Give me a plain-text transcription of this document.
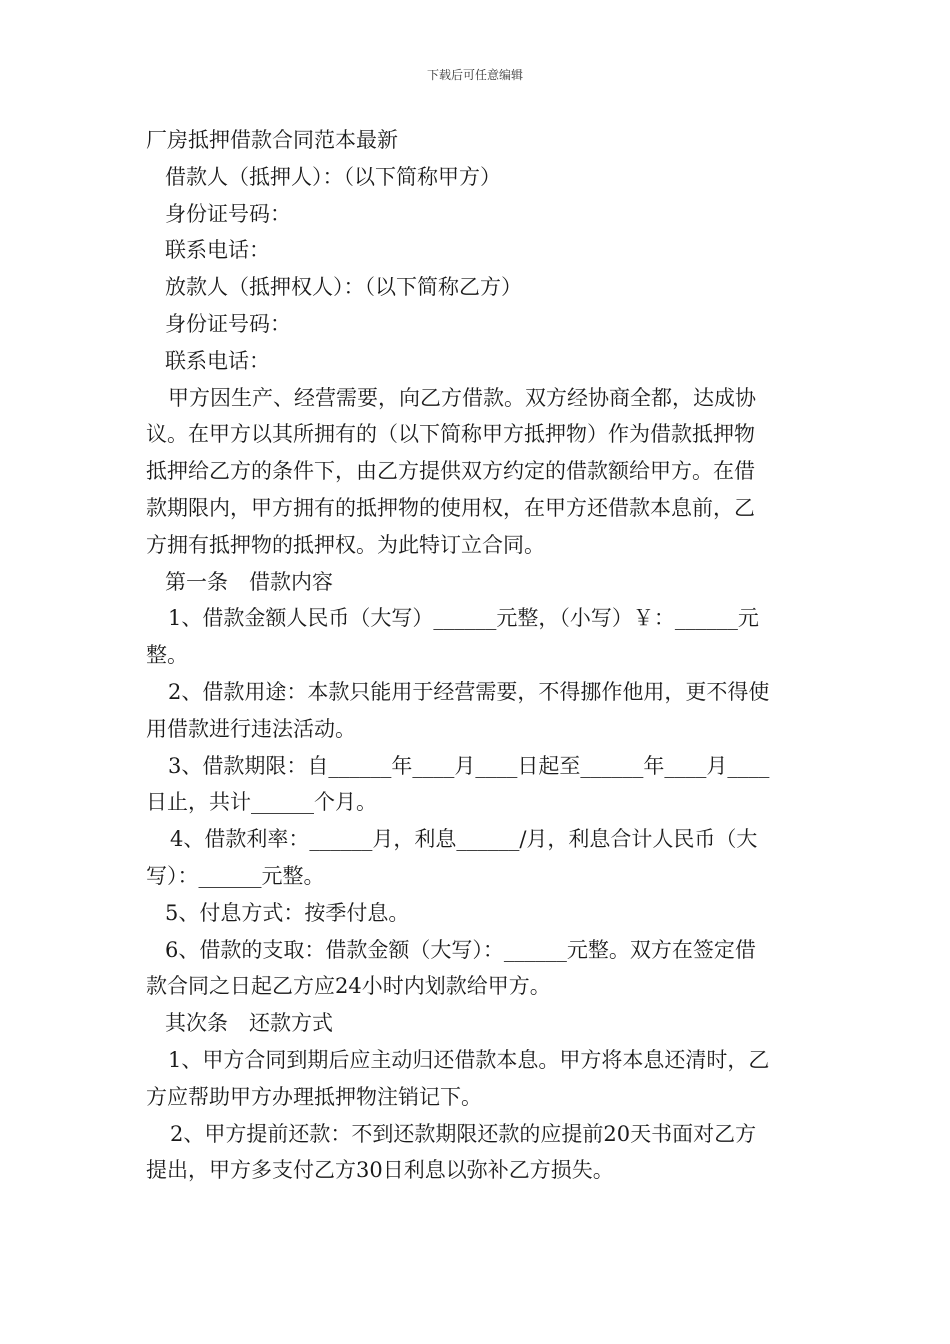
下载后可任意编辑

厂房抵押借款合同范本最新

借款人（抵押人）：（以下简称甲方）

身份证号码：

联系电话：

放款人（抵押权人）：（以下简称乙方）

身份证号码：

联系电话：

甲方因生产、经营需要，向乙方借款。双方经协商全都，达成协

议。在甲方以其所拥有的（以下简称甲方抵押物）作为借款抵押物

抵押给乙方的条件下，由乙方提供双方约定的借款额给甲方。在借

款期限内，甲方拥有的抵押物的使用权，在甲方还借款本息前，乙

方拥有抵押物的抵押权。为此特订立合同。

第一条　借款内容

1、借款金额人民币（大写）______元整，（小写）￥：______元

整。

2、借款用途：本款只能用于经营需要，不得挪作他用，更不得使

用借款进行违法活动。

3、借款期限：自______年____月____日起至______年____月____

日止，共计______个月。

4、借款利率：______月，利息______/月，利息合计人民币（大

写）：______元整。

5、付息方式：按季付息。

6、借款的支取：借款金额（大写）：______元整。双方在签定借

款合同之日起乙方应24小时内划款给甲方。

其次条　还款方式

1、甲方合同到期后应主动归还借款本息。甲方将本息还清时，乙

方应帮助甲方办理抵押物注销记下。

2、甲方提前还款：不到还款期限还款的应提前20天书面对乙方

提出，甲方多支付乙方30日利息以弥补乙方损失。
